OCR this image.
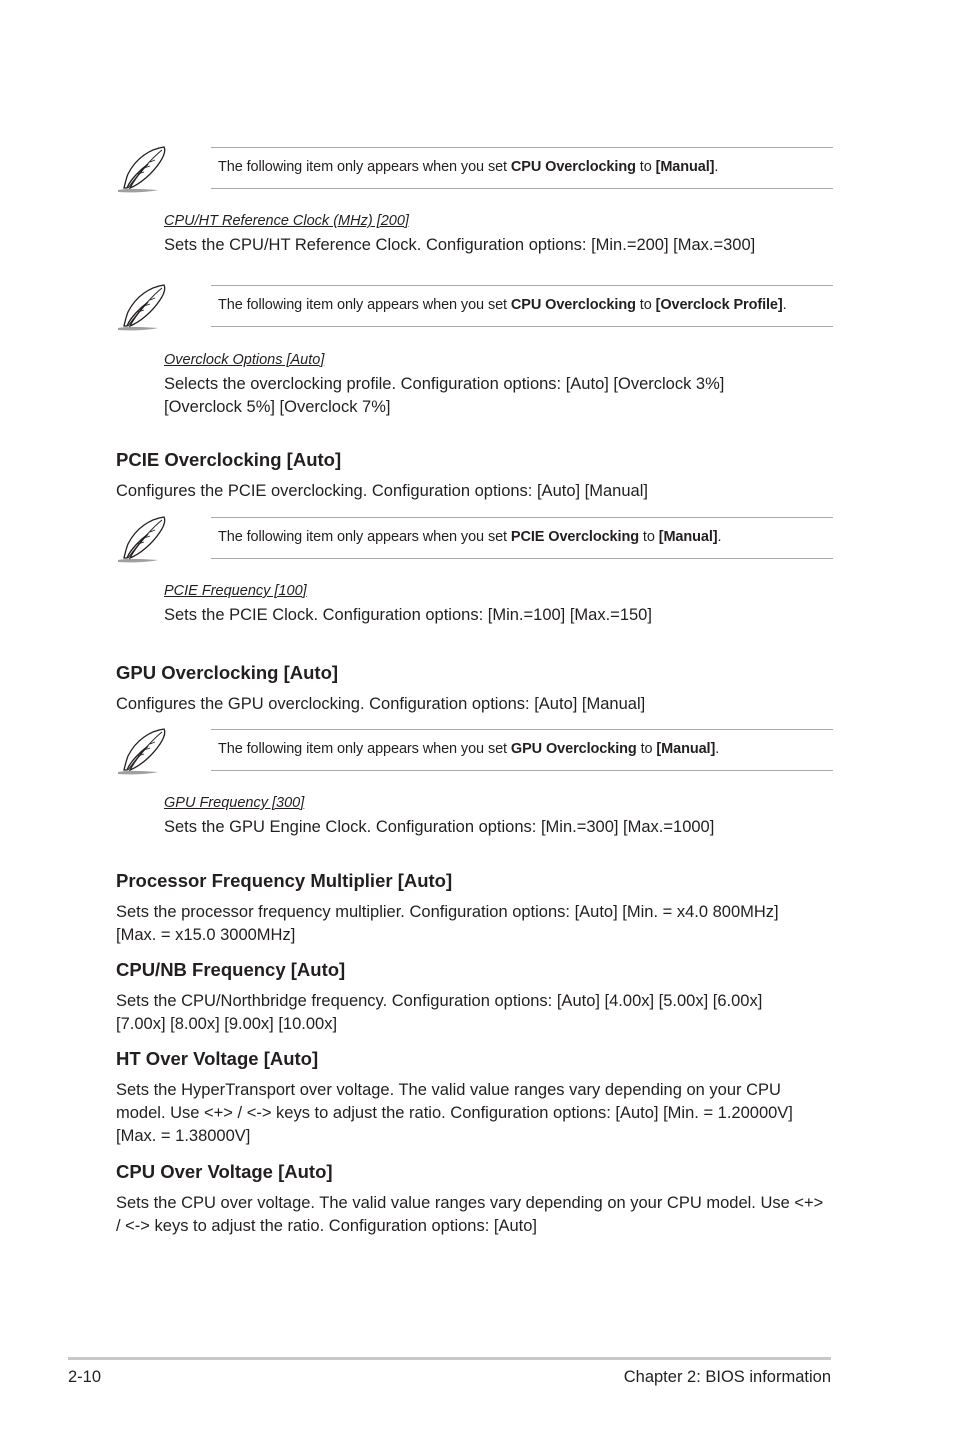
The following item only appears when you set CPU Overclocking to [Manual].
CPU/HT Reference Clock (MHz) [200]
Sets the CPU/HT Reference Clock. Configuration options: [Min.=200] [Max.=300]
The following item only appears when you set CPU Overclocking to [Overclock Profile].
Overclock Options [Auto]
Selects the overclocking profile. Configuration options: [Auto] [Overclock 3%] [Overclock 5%] [Overclock 7%]
PCIE Overclocking [Auto]
Configures the PCIE overclocking. Configuration options: [Auto] [Manual]
The following item only appears when you set PCIE Overclocking to [Manual].
PCIE Frequency [100]
Sets the PCIE Clock. Configuration options: [Min.=100] [Max.=150]
GPU Overclocking [Auto]
Configures the GPU overclocking. Configuration options: [Auto] [Manual]
The following item only appears when you set GPU Overclocking to [Manual].
GPU Frequency [300]
Sets the GPU Engine Clock. Configuration options: [Min.=300] [Max.=1000]
Processor Frequency Multiplier [Auto]
Sets the processor frequency multiplier. Configuration options: [Auto] [Min. = x4.0 800MHz] [Max. = x15.0 3000MHz]
CPU/NB Frequency [Auto]
Sets the CPU/Northbridge frequency. Configuration options: [Auto] [4.00x] [5.00x] [6.00x] [7.00x] [8.00x] [9.00x] [10.00x]
HT Over Voltage [Auto]
Sets the HyperTransport over voltage. The valid value ranges vary depending on your CPU model. Use <+> / <-> keys to adjust the ratio. Configuration options: [Auto] [Min. = 1.20000V] [Max. = 1.38000V]
CPU Over Voltage [Auto]
Sets the CPU over voltage. The valid value ranges vary depending on your CPU model. Use <+> / <-> keys to adjust the ratio. Configuration options: [Auto]
2-10	Chapter 2: BIOS information
